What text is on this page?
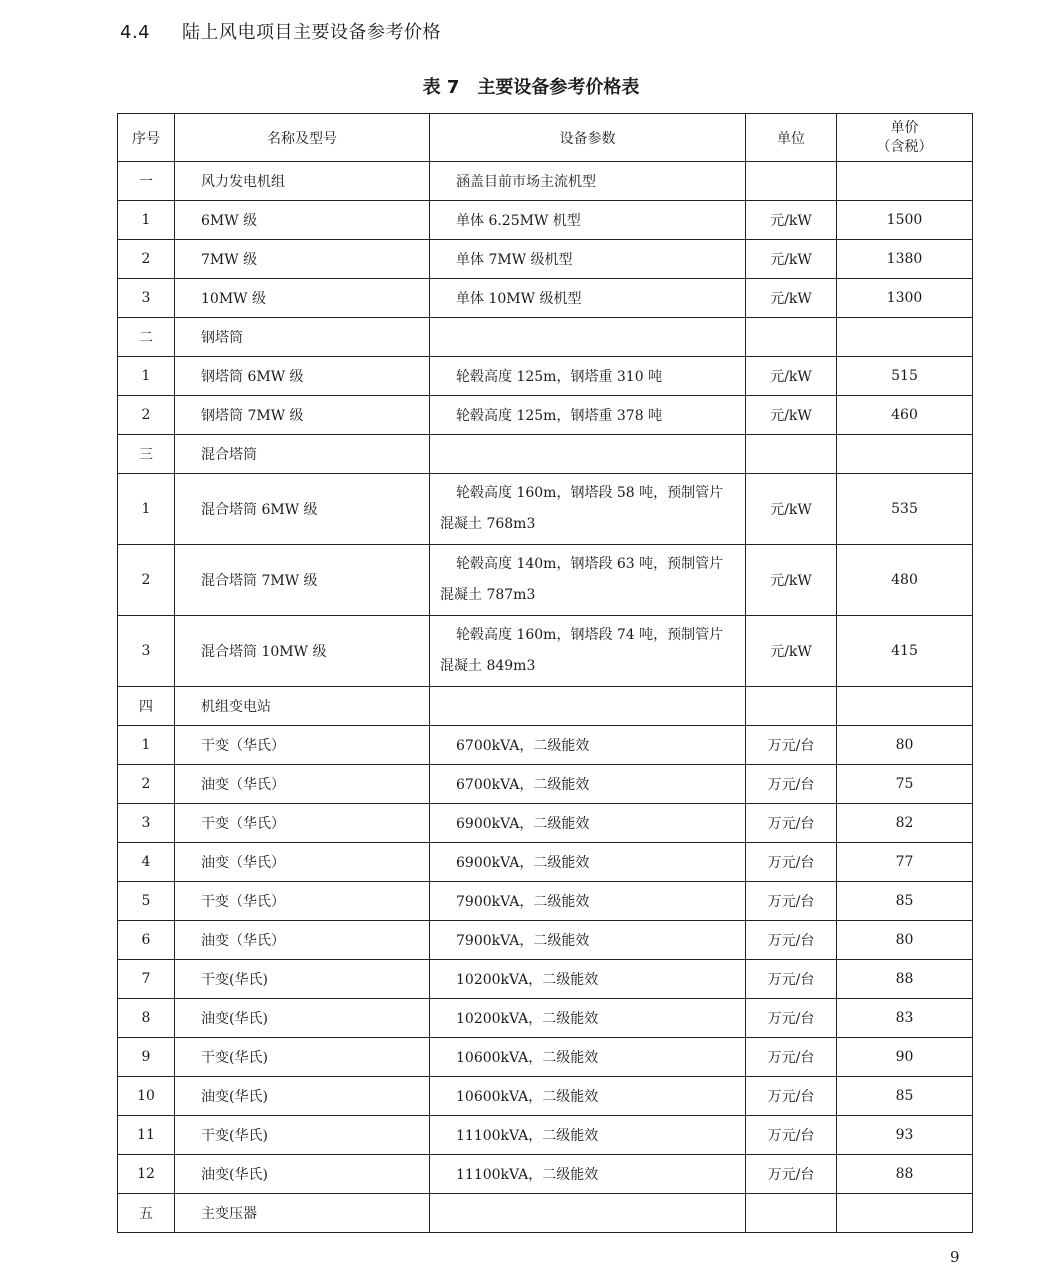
4.4 陆上风电项目主要设备参考价格
表 7 主要设备参考价格表
序号	名称及型号	设备参数	单位	单价
（含税）

一	风力发电机组	涵盖目前市场主流机型		
1	6MW 级	单体 6.25MW 机型	元/kW	1500
2	7MW 级	单体 7MW 级机型	元/kW	1380
3	10MW 级	单体 10MW 级机型	元/kW	1300
二	钢塔筒			
1	钢塔筒 6MW 级	轮毂高度 125m，钢塔重 310 吨	元/kW	515
2	钢塔筒 7MW 级	轮毂高度 125m，钢塔重 378 吨	元/kW	460
三	混合塔筒			
1	混合塔筒 6MW 级	轮毂高度 160m，钢塔段 58 吨，预制管片
混凝土 768m3	元/kW	535
2	混合塔筒 7MW 级	轮毂高度 140m，钢塔段 63 吨，预制管片
混凝土 787m3	元/kW	480
3	混合塔筒 10MW 级	轮毂高度 160m，钢塔段 74 吨，预制管片
混凝土 849m3	元/kW	415
四	机组变电站			
1	干变（华氏）	6700kVA，二级能效	万元/台	80
2	油变（华氏）	6700kVA，二级能效	万元/台	75
3	干变（华氏）	6900kVA，二级能效	万元/台	82
4	油变（华氏）	6900kVA，二级能效	万元/台	77
5	干变（华氏）	7900kVA，二级能效	万元/台	85
6	油变（华氏）	7900kVA，二级能效	万元/台	80
7	干变(华氏)	10200kVA，二级能效	万元/台	88
8	油变(华氏)	10200kVA，二级能效	万元/台	83
9	干变(华氏)	10600kVA，二级能效	万元/台	90
10	油变(华氏)	10600kVA，二级能效	万元/台	85
11	干变(华氏)	11100kVA，二级能效	万元/台	93
12	油变(华氏)	11100kVA，二级能效	万元/台	88
五	主变压器			
9
